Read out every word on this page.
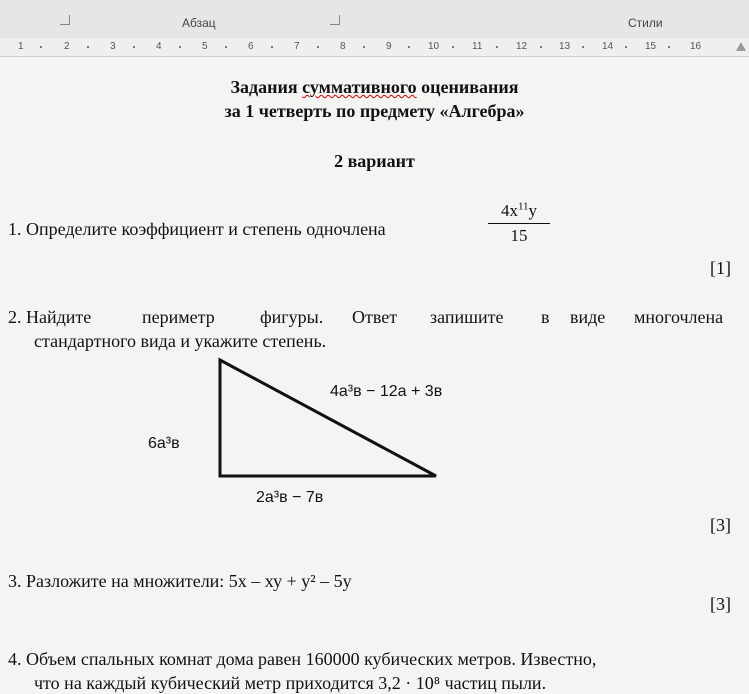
Абзац	Стили
1	2	3	4	5	6	7	8	9	10	11	12	13	14	15	16
Задания суммативного оценивания
за 1 четверть по предмету «Алгебра»
2 вариант
1. Определите коэффициент и степень одночлена
$4x^{11}y$
15
[1]
2. Найдите	периметр	фигуры. Ответ запишите в виде многочлена
стандартного вида и укажите степень.
4a³в − 12a + 3в
6a³в
2a³в − 7в
[3]
3. Разложите на множители: 5х – ху + у² – 5у
[3]
4. Объем спальных комнат дома равен 160000 кубических метров. Известно,
что на каждый кубический метр приходится 3,2 · 10⁸ частиц пыли.
